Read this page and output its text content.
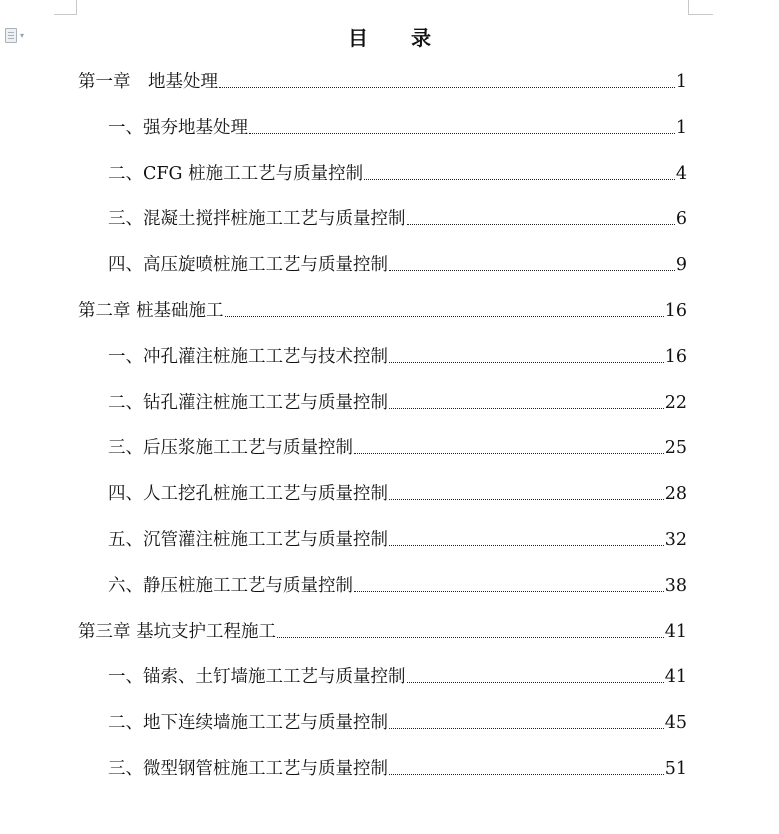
▾	目 录
第一章　地基处理	1
一、强夯地基处理	1
二、CFG 桩施工工艺与质量控制	4
三、混凝土搅拌桩施工工艺与质量控制	6
四、高压旋喷桩施工工艺与质量控制	9
第二章 桩基础施工	16
一、冲孔灌注桩施工工艺与技术控制	16
二、钻孔灌注桩施工工艺与质量控制	22
三、后压浆施工工艺与质量控制	25
四、人工挖孔桩施工工艺与质量控制	28
五、沉管灌注桩施工工艺与质量控制	32
六、静压桩施工工艺与质量控制	38
第三章 基坑支护工程施工	41
一、锚索、土钉墙施工工艺与质量控制	41
二、地下连续墙施工工艺与质量控制	45
三、微型钢管桩施工工艺与质量控制	51
